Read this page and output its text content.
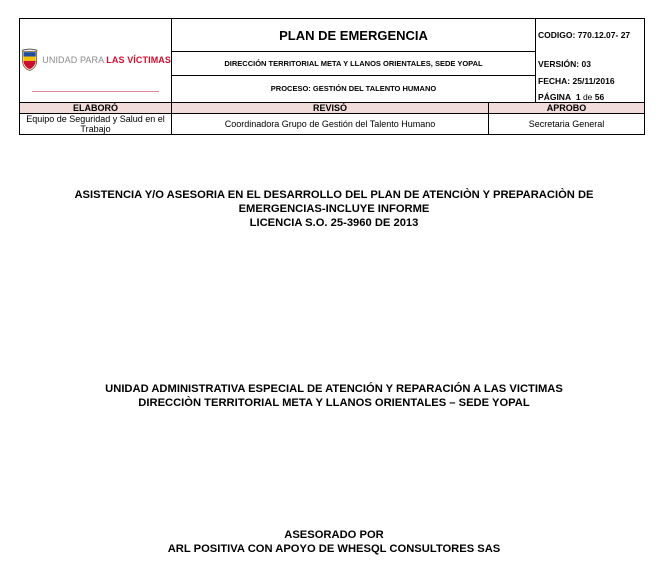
UNIDAD PARA LAS VÍCTIMAS	PLAN DE EMERGENCIA		CODIGO: 770.12.07- 27
	DIRECCIÓN TERRITORIAL META Y LLANOS ORIENTALES, SEDE YOPAL		VERSIÓN: 03
	PROCESO: GESTIÓN DEL TALENTO HUMANO		FECHA: 25/11/2016
PÁGINA 1 de 56

ELABORÓ	REVISÓ	APROBO	
Equipo de Seguridad y Salud en el Trabajo	Coordinadora Grupo de Gestión del Talento Humano	Secretaria General	
ASISTENCIA Y/O ASESORIA EN EL DESARROLLO DEL PLAN DE ATENCIÒN Y PREPARACIÒN DE
EMERGENCIAS-INCLUYE INFORME
LICENCIA S.O. 25-3960 DE 2013
UNIDAD ADMINISTRATIVA ESPECIAL DE ATENCIÓN Y REPARACIÓN A LAS VICTIMAS
DIRECCIÒN TERRITORIAL META Y LLANOS ORIENTALES – SEDE YOPAL
ASESORADO POR
ARL POSITIVA CON APOYO DE WHESQL CONSULTORES SAS
